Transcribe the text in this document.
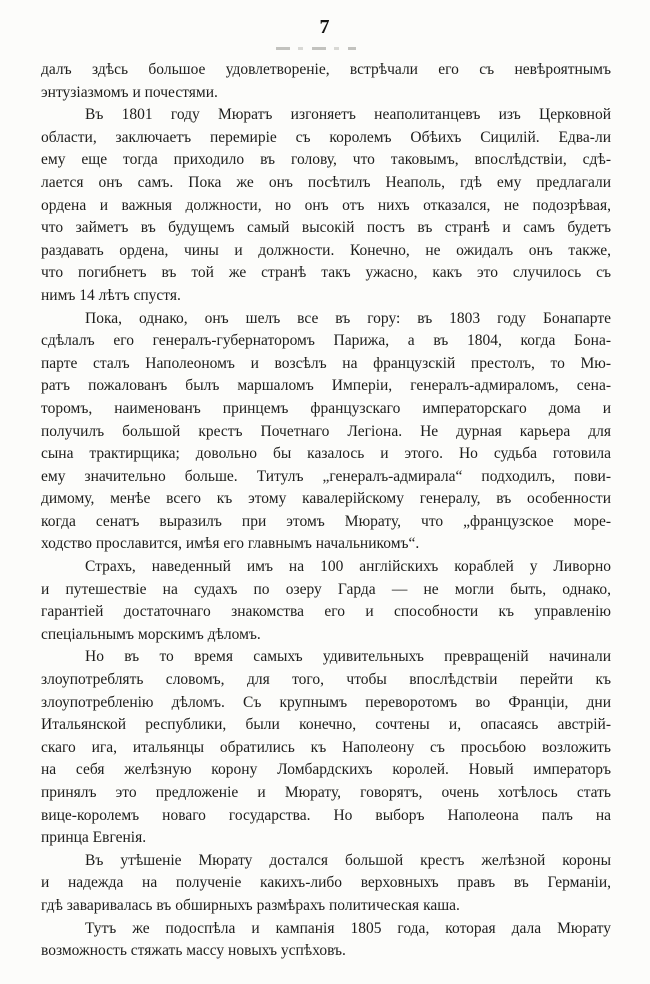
7
далъ здѣсь большое удовлетвореніе, встрѣчали его съ невѣроятнымъ
энтузіазмомъ и почестями.
Въ 1801 году Мюратъ изгоняетъ неаполитанцевъ изъ Церковной
области, заключаетъ перемиріе съ королемъ Обѣихъ Сицилій. Едва-ли
ему еще тогда приходило въ голову, что таковымъ, впослѣдствіи, сдѣ-
лается онъ самъ. Пока же онъ посѣтилъ Неаполь, гдѣ ему предлагали
ордена и важныя должности, но онъ отъ нихъ отказался, не подозрѣвая,
что займетъ въ будущемъ самый высокій постъ въ странѣ и самъ будетъ
раздавать ордена, чины и должности. Конечно, не ожидалъ онъ также,
что погибнетъ въ той же странѣ такъ ужасно, какъ это случилось съ
нимъ 14 лѣтъ спустя.
Пока, однако, онъ шелъ все въ гору: въ 1803 году Бонапарте
сдѣлалъ его генералъ-губернаторомъ Парижа, а въ 1804, когда Бона-
парте сталъ Наполеономъ и возсѣлъ на французскій престолъ, то Мю-
ратъ пожалованъ былъ маршаломъ Имперіи, генералъ-адмираломъ, сена-
торомъ, наименованъ принцемъ французскаго императорскаго дома и
получилъ большой крестъ Почетнаго Легіона. Не дурная карьера для
сына трактирщика; довольно бы казалось и этого. Но судьба готовила
ему значительно больше. Титулъ „генералъ-адмирала“ подходилъ, пови-
димому, менѣе всего къ этому кавалерійскому генералу, въ особенности
когда сенатъ выразилъ при этомъ Мюрату, что „французское море-
ходство прославится, имѣя его главнымъ начальникомъ“.
Страхъ, наведенный имъ на 100 англійскихъ кораблей у Ливорно
и путешествіе на судахъ по озеру Гарда — не могли быть, однако,
гарантіей достаточнаго знакомства его и способности къ управленію
спеціальнымъ морскимъ дѣломъ.
Но въ то время самыхъ удивительныхъ превращеній начинали
злоупотреблять словомъ, для того, чтобы впослѣдствіи перейти къ
злоупотребленію дѣломъ. Съ крупнымъ переворотомъ во Франціи, дни
Итальянской республики, были конечно, сочтены и, опасаясь австрій-
скаго ига, итальянцы обратились къ Наполеону съ просьбою возложить
на себя желѣзную корону Ломбардскихъ королей. Новый императоръ
принялъ это предложеніе и Мюрату, говорятъ, очень хотѣлось стать
вице-королемъ новаго государства. Но выборъ Наполеона палъ на
принца Евгенія.
Въ утѣшеніе Мюрату достался большой крестъ желѣзной короны
и надежда на полученіе какихъ-либо верховныхъ правъ въ Германіи,
гдѣ заваривалась въ обширныхъ размѣрахъ политическая каша.
Тутъ же подоспѣла и кампанія 1805 года, которая дала Мюрату
возможность стяжать массу новыхъ успѣховъ.
